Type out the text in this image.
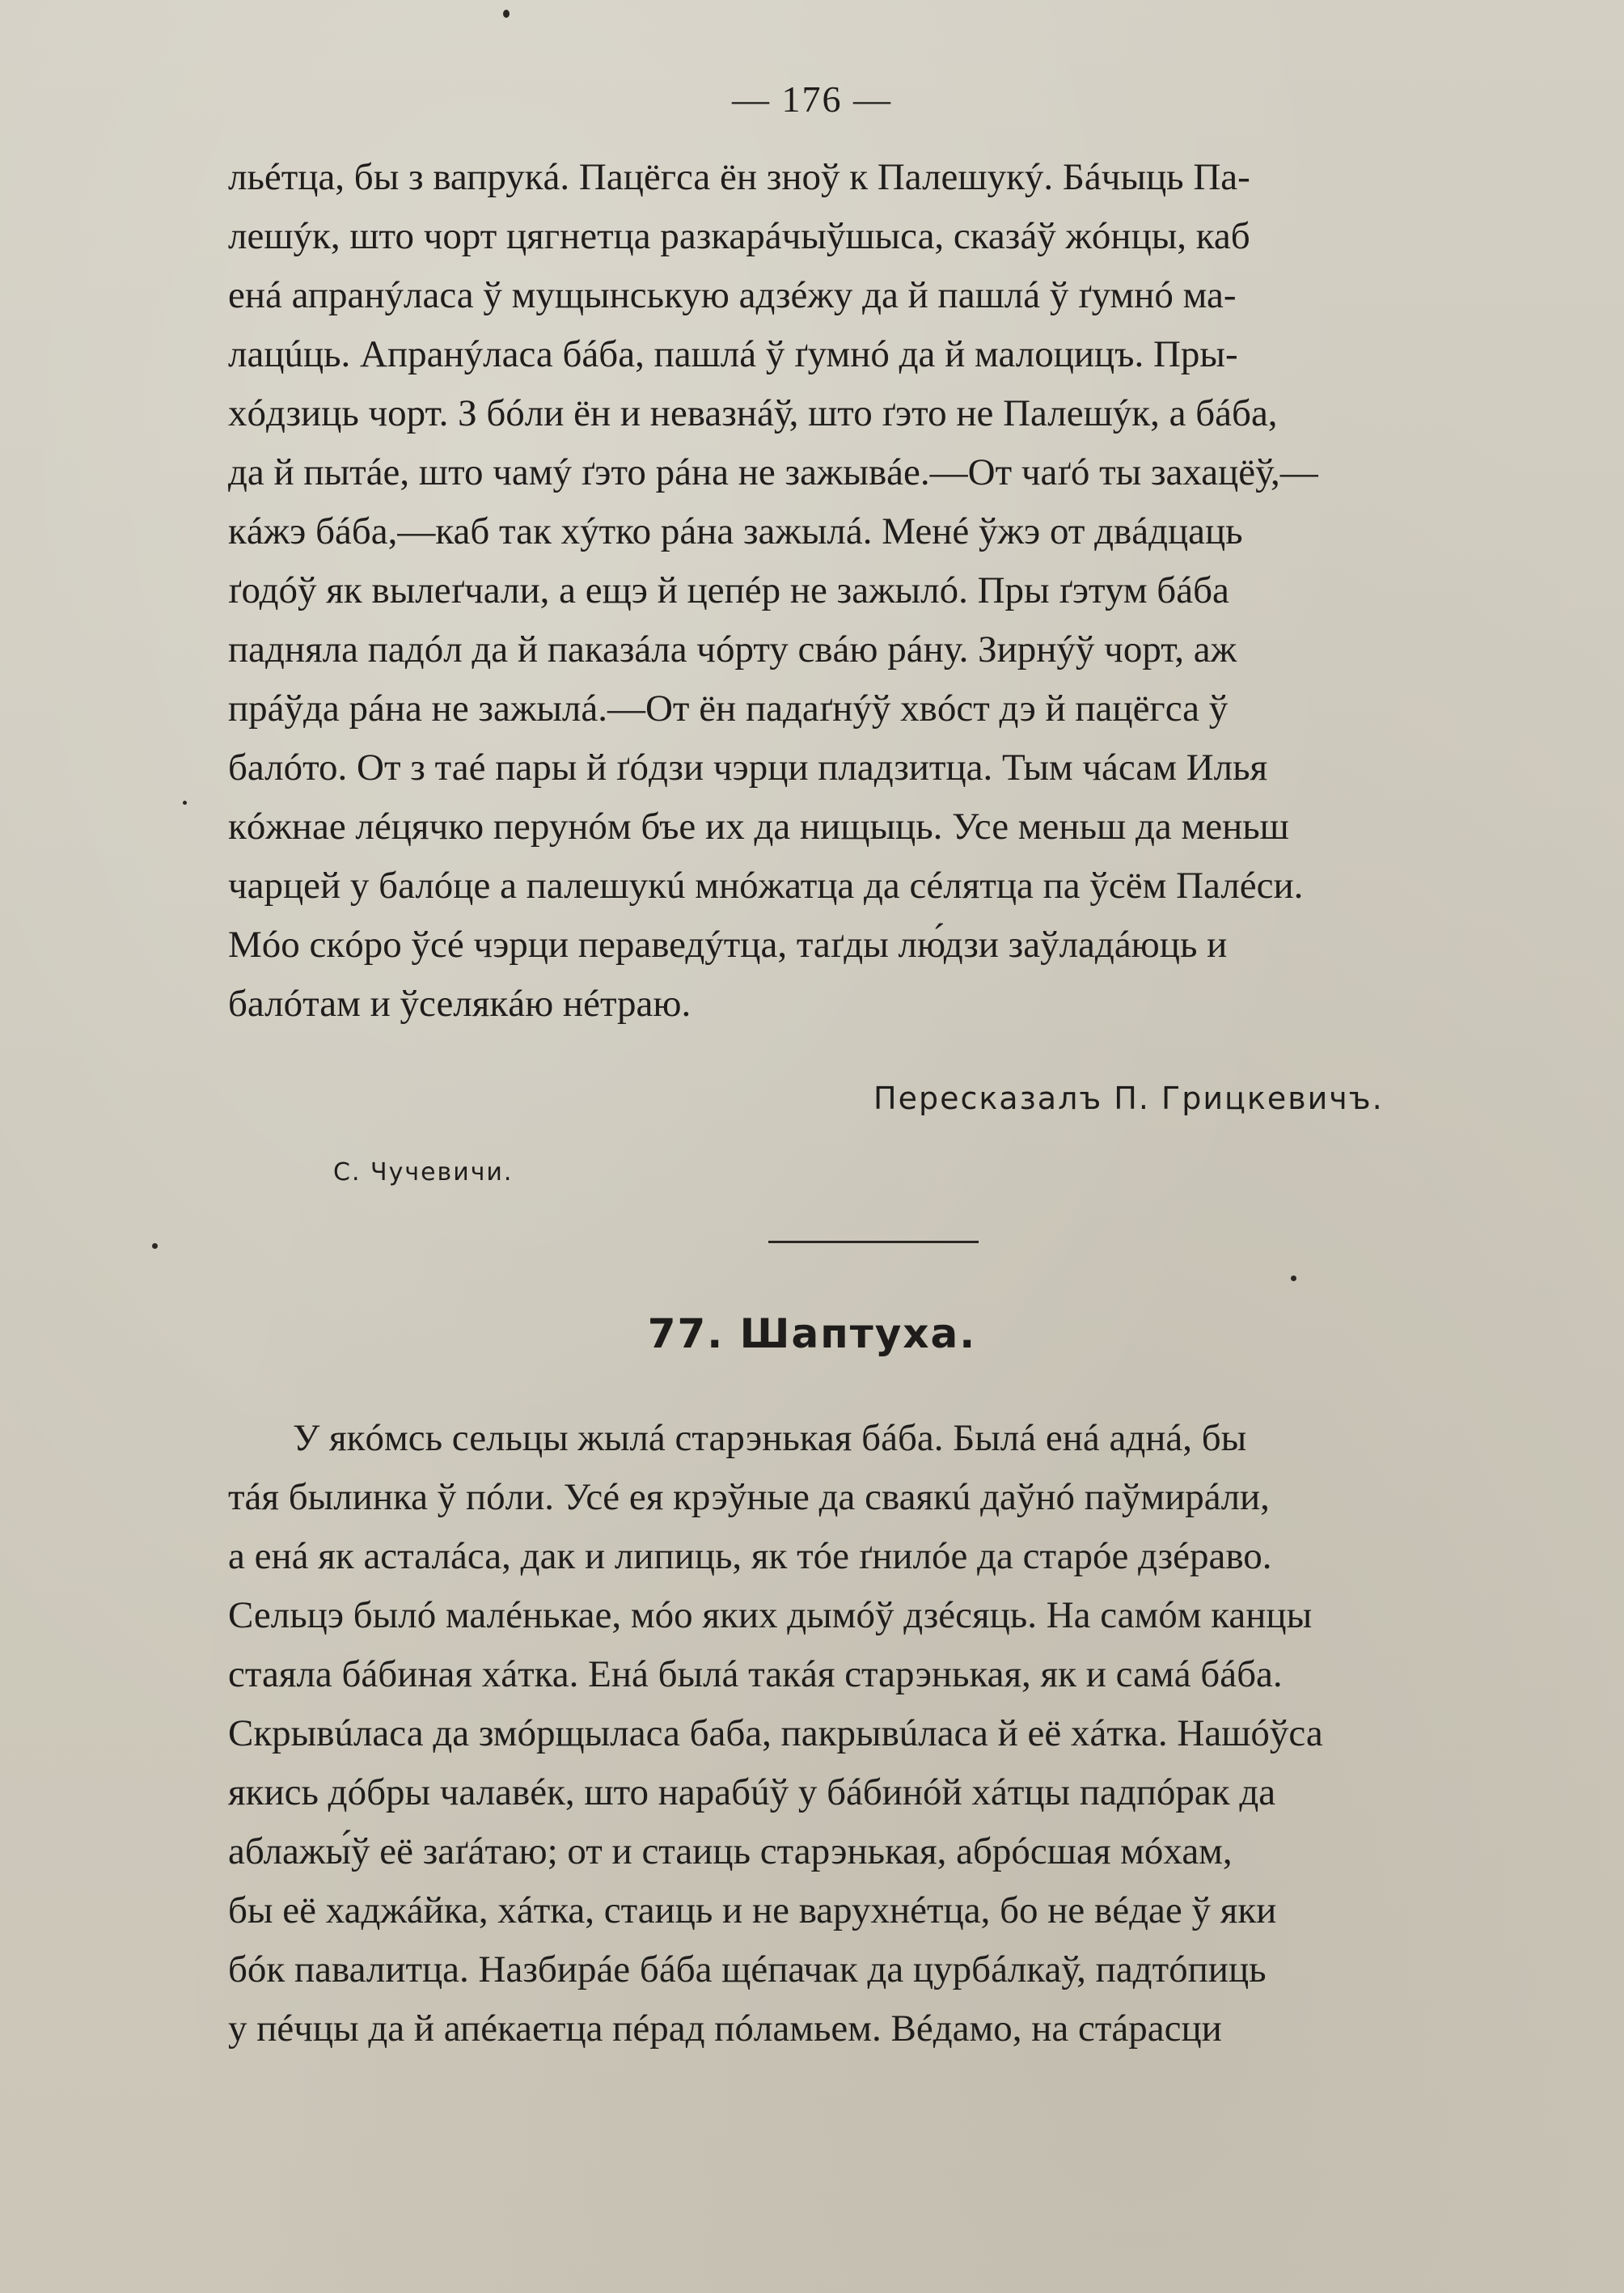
— 176 —

льéтца, бы з вапрукá. Пацёгса ён зноў к Палешукý. Бáчыць Па-

лешýк, што чорт цягнетца разкарáчыўшыса, сказáў жóнцы, каб

енá апранýласа ў мущынськую адзéжу да й пашлá ў ґумнó ма-

лацúць. Апранýласа бáба, пашлá ў ґумнó да й малоцицъ. Пры-

хóдзиць чорт. З бóли ён и невазнáў, што ґэто не Палешýк, а бáба,

да й пытáе, што чамý ґэто рáна не зажывáе.—От чаґó ты захацёў,—

кáжэ бáба,—каб так хýтко рáна зажылá. Менé ўжэ от двáдцаць

ґодóў як вылеґчали, а ещэ й цепéр не зажылó. Пры ґэтум бáба

падняла падóл да й паказáла чóрту свáю рáну. Зирнýў чорт, аж

прáўда рáна не зажылá.—От ён падаґнýў хвóст дэ й пацёгса ў

балóто. От з таé пары й ґóдзи чэрци пладзитца. Тым чáсам Илья

кóжнае лéцячко перунóм бъе их да нищыць. Усе меньш да меньш

чарцей у балóце а палешукú мнóжатца да сéлятца па ўсём Палéси.

Мóо скóро ўсé чэрци пераведýтца, таґды лю́дзи заўладáюць и

балóтам и ўселякáю нéтраю.

Пересказалъ П. Грицкевичъ.
С. Чучевичи.
77. Шаптуха.

У якóмсь сельцы жылá старэнькая бáба. Былá енá аднá, бы

тáя былинка ў пóли. Усé ея крэўные да сваякú даўнó паўмирáли,

а енá як асталáса, дак и липиць, як тóе ґнилóе да старóе дзéраво.

Сельцэ былó малéнькае, мóо яких дымóў дзéсяць. На самóм канцы

стаяла бáбиная хáтка. Енá былá такáя старэнькая, як и самá бáба.

Скрывúласа да змóрщыласа баба, пакрывúласа й её хáтка. Нашóўса

якись дóбры чалавéк, што нарабúў у бáбинóй хáтцы падпóрак да

аблажы́ў её заґáтаю; от и стаиць старэнькая, абрóсшая мóхам,

бы её хаджáйка, хáтка, стаиць и не варухнéтца, бо не вéдае ў яки

бóк павалитца. Назбирáе бáба щéпачак да цурбáлкаў, падтóпиць

у пéчцы да й апéкаетца пéрад пóламьем. Вéдамо, на стáрасци
